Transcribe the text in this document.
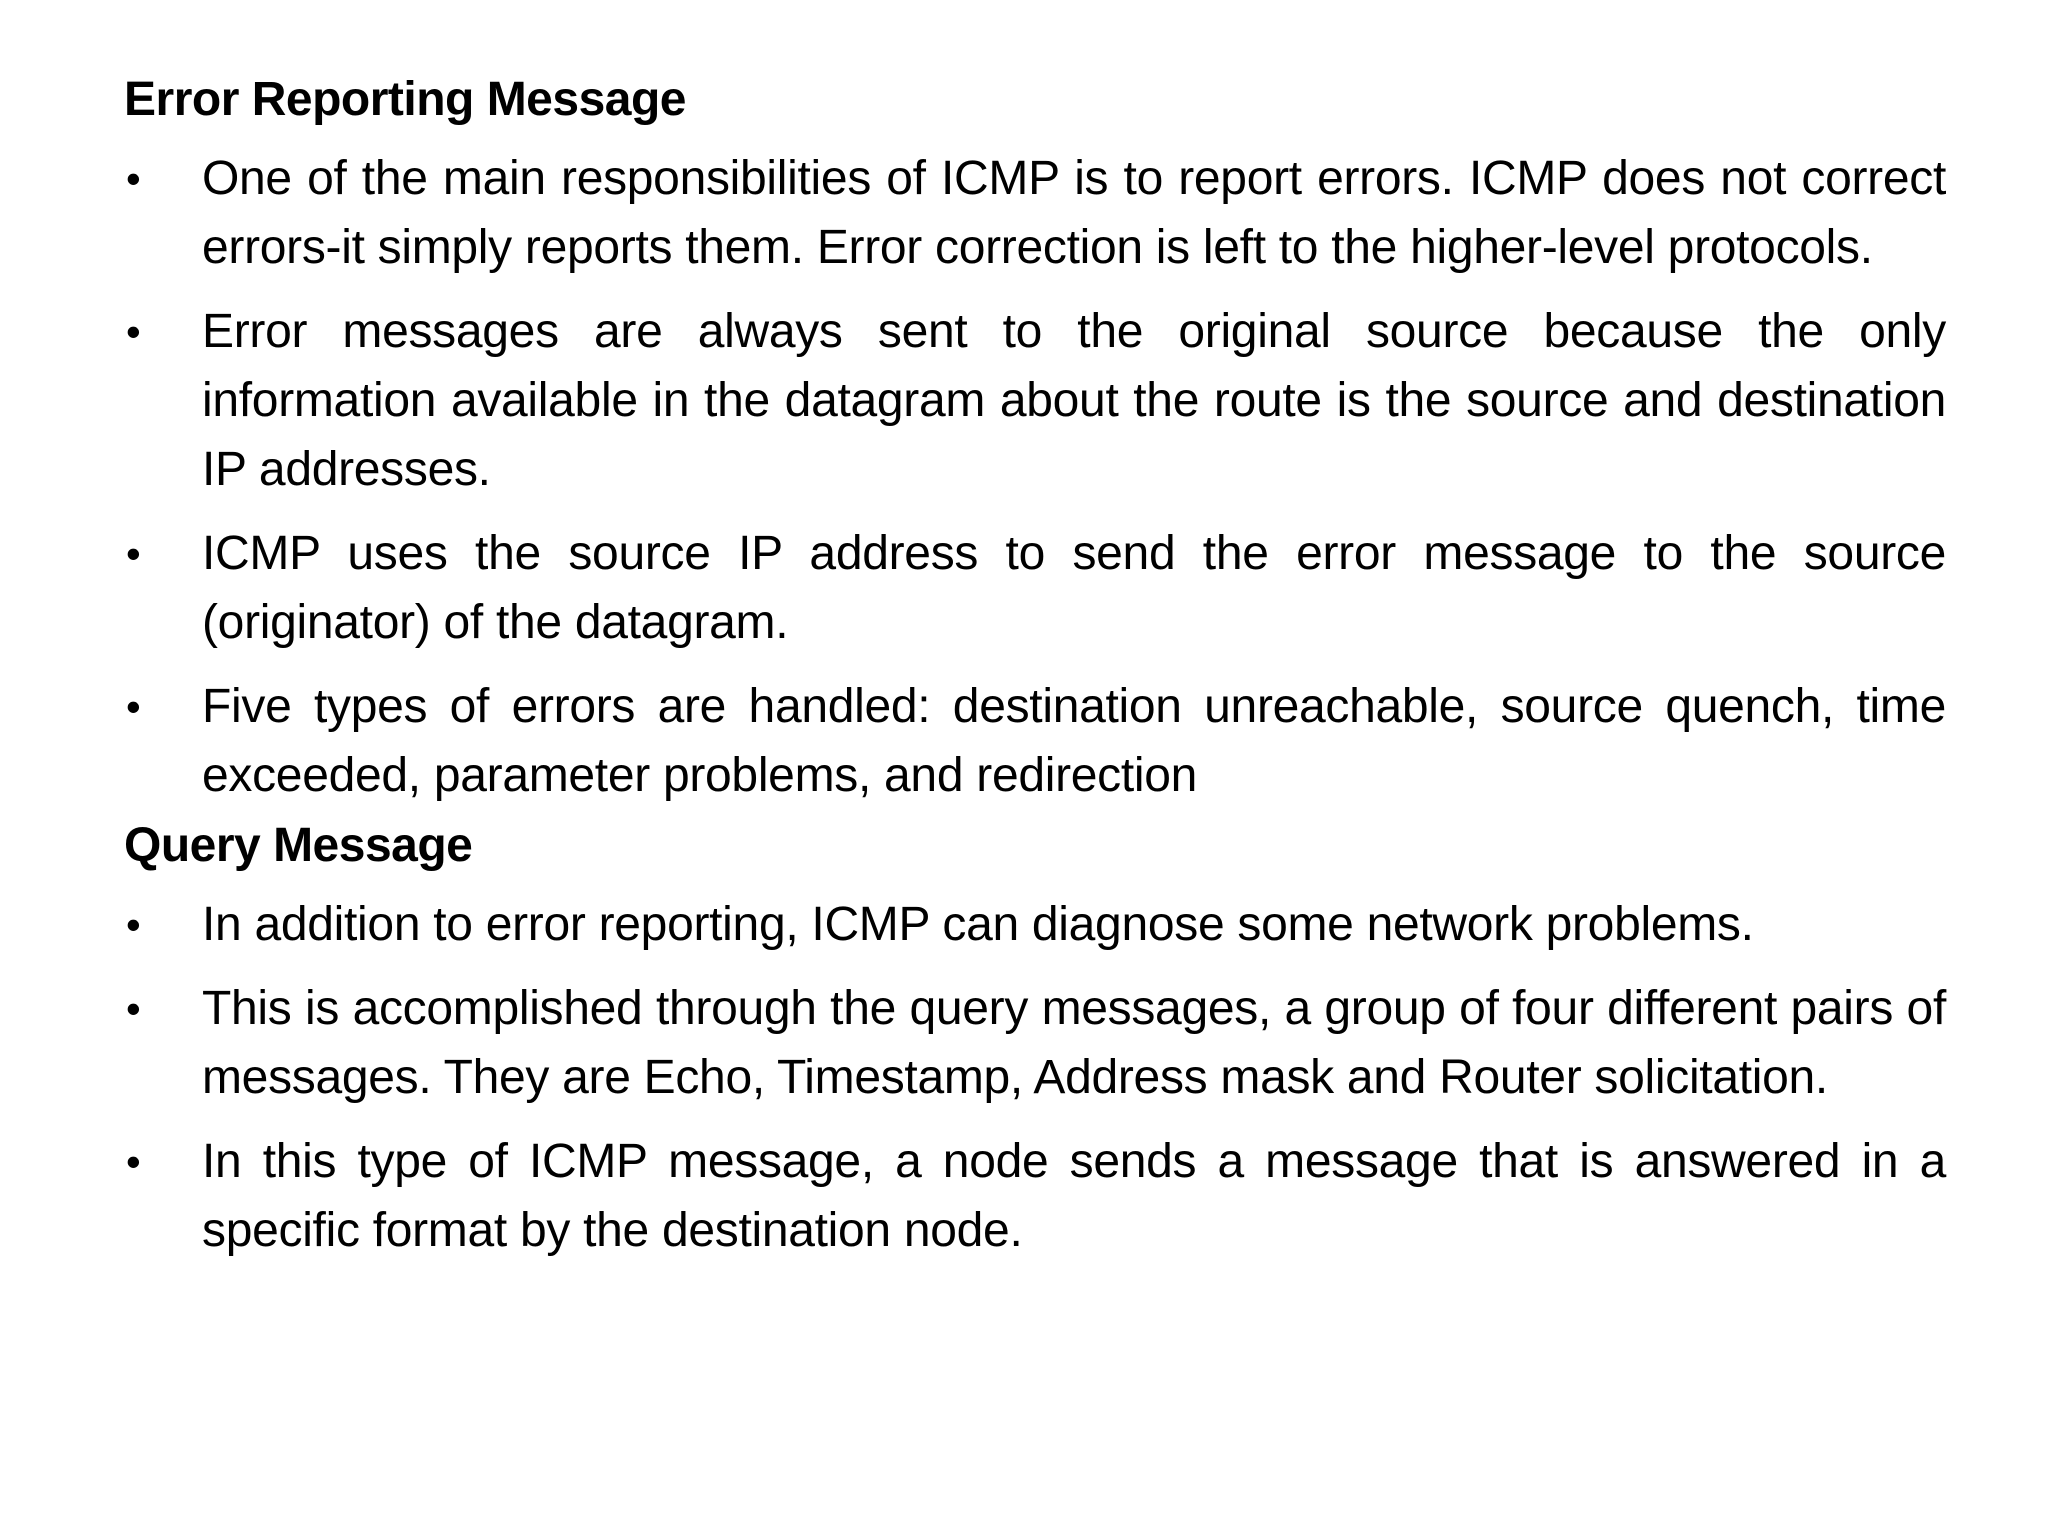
Error Reporting Message

•	One of the main responsibilities of ICMP is to report errors. ICMP does not correct errors-it simply reports them. Error correction is left to the higher-level protocols.
•	Error messages are always sent to the original source because the only information available in the datagram about the route is the source and destination IP addresses.
•	ICMP uses the source IP address to send the error message to the source (originator) of the datagram.
•	Five types of errors are handled: destination unreachable, source quench, time exceeded, parameter problems, and redirection

Query Message

•	In addition to error reporting, ICMP can diagnose some network problems.
•	This is accomplished through the query messages, a group of four different pairs of messages. They are Echo, Timestamp, Address mask and Router solicitation.
•	In this type of ICMP message, a node sends a message that is answered in a specific format by the destination node.
